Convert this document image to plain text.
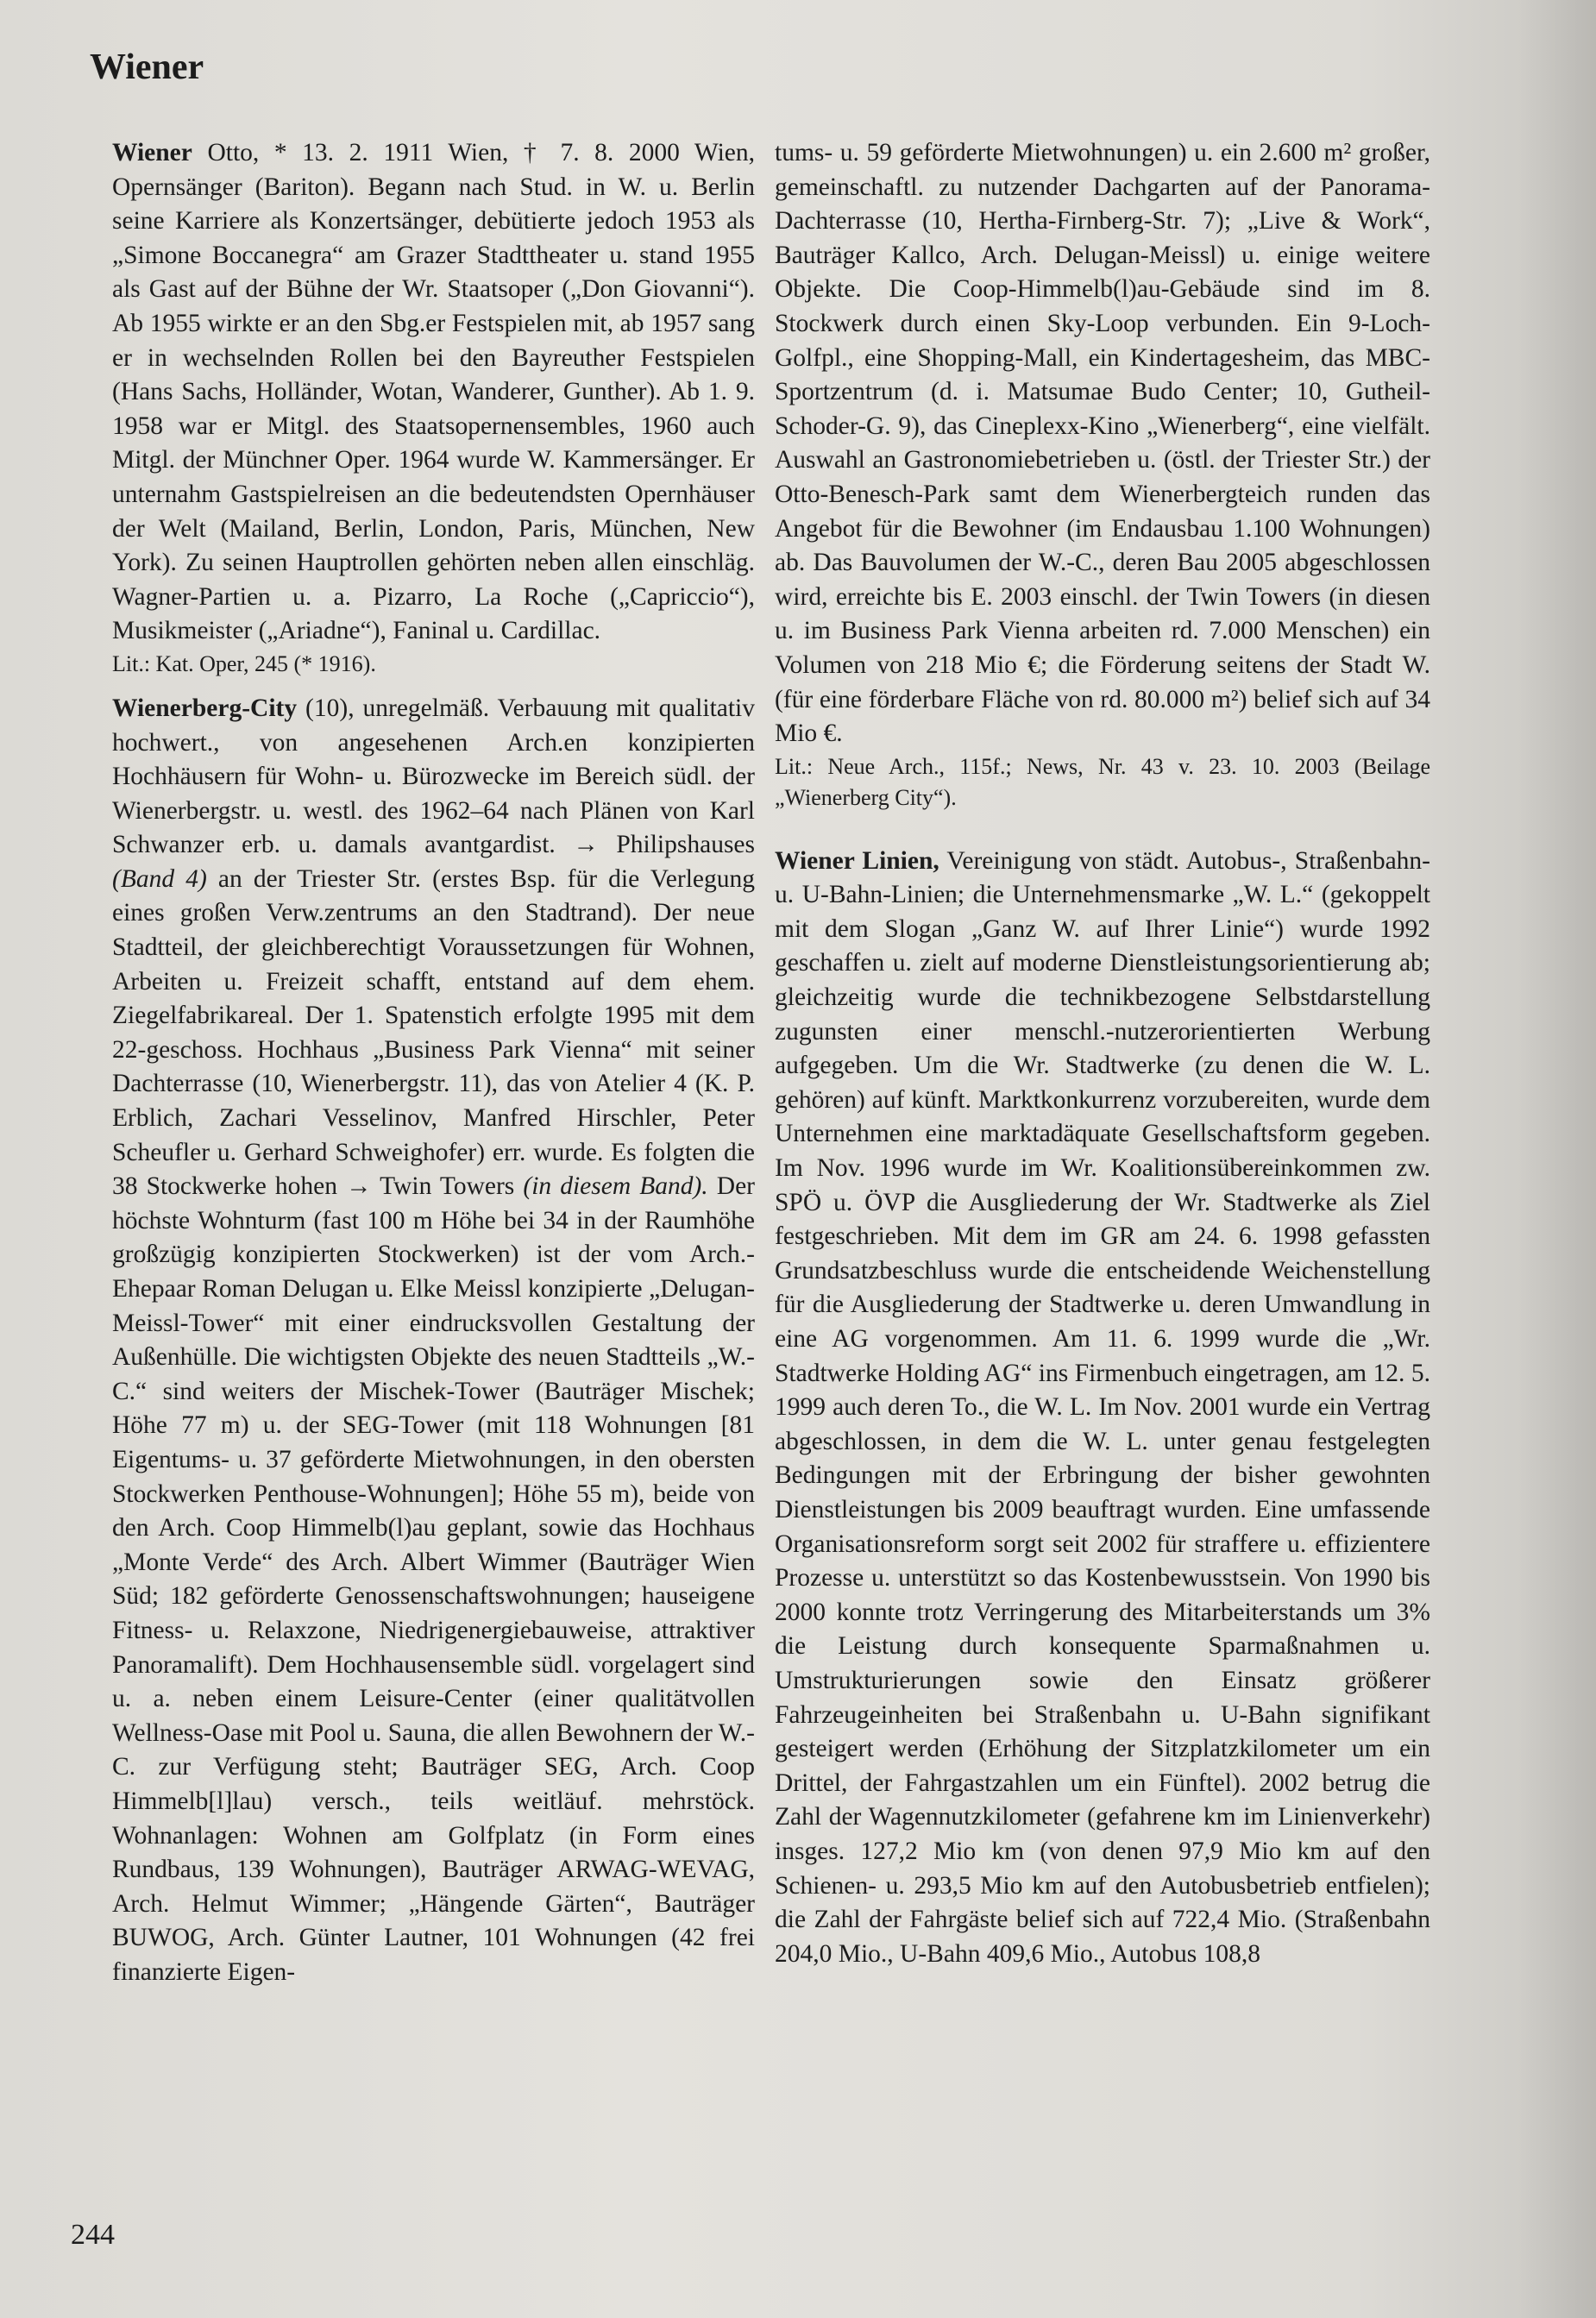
Wiener

Wiener Otto, * 13. 2. 1911 Wien, † 7. 8. 2000 Wien, Opernsänger (Bariton). Begann nach Stud. in W. u. Berlin seine Karriere als Konzertsänger, debütierte jedoch 1953 als „Simone Boccanegra“ am Grazer Stadttheater u. stand 1955 als Gast auf der Bühne der Wr. Staatsoper („Don Giovanni“). Ab 1955 wirkte er an den Sbg.er Festspielen mit, ab 1957 sang er in wechselnden Rollen bei den Bayreuther Festspielen (Hans Sachs, Holländer, Wotan, Wanderer, Gunther). Ab 1. 9. 1958 war er Mitgl. des Staatsopernensembles, 1960 auch Mitgl. der Münchner Oper. 1964 wurde W. Kammersänger. Er unternahm Gastspielreisen an die bedeutendsten Opernhäuser der Welt (Mailand, Berlin, London, Paris, München, New York). Zu seinen Hauptrollen gehörten neben allen einschläg. Wagner-Partien u. a. Pizarro, La Roche („Capriccio“), Musikmeister („Ariadne“), Faninal u. Cardillac.

Lit.: Kat. Oper, 245 (* 1916).

Wienerberg-City (10), unregelmäß. Verbauung mit qualitativ hochwert., von angesehenen Arch.en konzipierten Hochhäusern für Wohn- u. Bürozwecke im Bereich südl. der Wienerbergstr. u. westl. des 1962–64 nach Plänen von Karl Schwanzer erb. u. damals avantgardist. → Philipshauses (Band 4) an der Triester Str. (erstes Bsp. für die Verlegung eines großen Verw.zentrums an den Stadtrand). Der neue Stadtteil, der gleichberechtigt Voraussetzungen für Wohnen, Arbeiten u. Freizeit schafft, entstand auf dem ehem. Ziegelfabrikareal. Der 1. Spatenstich erfolgte 1995 mit dem 22-geschoss. Hochhaus „Business Park Vienna“ mit seiner Dachterrasse (10, Wienerbergstr. 11), das von Atelier 4 (K. P. Erblich, Zachari Vesselinov, Manfred Hirschler, Peter Scheufler u. Gerhard Schweighofer) err. wurde. Es folgten die 38 Stockwerke hohen → Twin Towers (in diesem Band). Der höchste Wohnturm (fast 100 m Höhe bei 34 in der Raumhöhe großzügig konzipierten Stockwerken) ist der vom Arch.-Ehepaar Roman Delugan u. Elke Meissl konzipierte „Delugan-Meissl-Tower“ mit einer eindrucksvollen Gestaltung der Außenhülle. Die wichtigsten Objekte des neuen Stadtteils „W.-C.“ sind weiters der Mischek-Tower (Bauträger Mischek; Höhe 77 m) u. der SEG-Tower (mit 118 Wohnungen [81 Eigentums- u. 37 geförderte Mietwohnungen, in den obersten Stockwerken Penthouse-Wohnungen]; Höhe 55 m), beide von den Arch. Coop Himmelb(l)au geplant, sowie das Hochhaus „Monte Verde“ des Arch. Albert Wimmer (Bauträger Wien Süd; 182 geförderte Genossenschaftswohnungen; hauseigene Fitness- u. Relaxzone, Niedrigenergiebauweise, attraktiver Panoramalift). Dem Hochhausensemble südl. vorgelagert sind u. a. neben einem Leisure-Center (einer qualitätvollen Wellness-Oase mit Pool u. Sauna, die allen Bewohnern der W.-C. zur Verfügung steht; Bauträger SEG, Arch. Coop Himmelb[l]lau) versch., teils weitläuf. mehrstöck. Wohnanlagen: Wohnen am Golfplatz (in Form eines Rundbaus, 139 Wohnungen), Bauträger ARWAG-WEVAG, Arch. Helmut Wimmer; „Hängende Gärten“, Bauträger BUWOG, Arch. Günter Lautner, 101 Wohnungen (42 frei finanzierte Eigen-

tums- u. 59 geförderte Mietwohnungen) u. ein 2.600 m² großer, gemeinschaftl. zu nutzender Dachgarten auf der Panorama-Dachterrasse (10, Hertha-Firnberg-Str. 7); „Live & Work“, Bauträger Kallco, Arch. Delugan-Meissl) u. einige weitere Objekte. Die Coop-Himmelb(l)au-Gebäude sind im 8. Stockwerk durch einen Sky-Loop verbunden. Ein 9-Loch-Golfpl., eine Shopping-Mall, ein Kindertagesheim, das MBC-Sportzentrum (d. i. Matsumae Budo Center; 10, Gutheil-Schoder-G. 9), das Cineplexx-Kino „Wienerberg“, eine vielfält. Auswahl an Gastronomiebetrieben u. (östl. der Triester Str.) der Otto-Benesch-Park samt dem Wienerbergteich runden das Angebot für die Bewohner (im Endausbau 1.100 Wohnungen) ab. Das Bauvolumen der W.-C., deren Bau 2005 abgeschlossen wird, erreichte bis E. 2003 einschl. der Twin Towers (in diesen u. im Business Park Vienna arbeiten rd. 7.000 Menschen) ein Volumen von 218 Mio €; die Förderung seitens der Stadt W. (für eine förderbare Fläche von rd. 80.000 m²) belief sich auf 34 Mio €.

Lit.: Neue Arch., 115f.; News, Nr. 43 v. 23. 10. 2003 (Beilage „Wienerberg City“).

Wiener Linien, Vereinigung von städt. Autobus-, Straßenbahn- u. U-Bahn-Linien; die Unternehmensmarke „W. L.“ (gekoppelt mit dem Slogan „Ganz W. auf Ihrer Linie“) wurde 1992 geschaffen u. zielt auf moderne Dienstleistungsorientierung ab; gleichzeitig wurde die technikbezogene Selbstdarstellung zugunsten einer menschl.-nutzerorientierten Werbung aufgegeben. Um die Wr. Stadtwerke (zu denen die W. L. gehören) auf künft. Marktkonkurrenz vorzubereiten, wurde dem Unternehmen eine marktadäquate Gesellschaftsform gegeben. Im Nov. 1996 wurde im Wr. Koalitionsübereinkommen zw. SPÖ u. ÖVP die Ausgliederung der Wr. Stadtwerke als Ziel festgeschrieben. Mit dem im GR am 24. 6. 1998 gefassten Grundsatzbeschluss wurde die entscheidende Weichenstellung für die Ausgliederung der Stadtwerke u. deren Umwandlung in eine AG vorgenommen. Am 11. 6. 1999 wurde die „Wr. Stadtwerke Holding AG“ ins Firmenbuch eingetragen, am 12. 5. 1999 auch deren To., die W. L. Im Nov. 2001 wurde ein Vertrag abgeschlossen, in dem die W. L. unter genau festgelegten Bedingungen mit der Erbringung der bisher gewohnten Dienstleistungen bis 2009 beauftragt wurden. Eine umfassende Organisationsreform sorgt seit 2002 für straffere u. effizientere Prozesse u. unterstützt so das Kostenbewusstsein. Von 1990 bis 2000 konnte trotz Verringerung des Mitarbeiterstands um 3% die Leistung durch konsequente Sparmaßnahmen u. Umstrukturierungen sowie den Einsatz größerer Fahrzeugeinheiten bei Straßenbahn u. U-Bahn signifikant gesteigert werden (Erhöhung der Sitzplatzkilometer um ein Drittel, der Fahrgastzahlen um ein Fünftel). 2002 betrug die Zahl der Wagennutzkilometer (gefahrene km im Linienverkehr) insges. 127,2 Mio km (von denen 97,9 Mio km auf den Schienen- u. 293,5 Mio km auf den Autobusbetrieb entfielen); die Zahl der Fahrgäste belief sich auf 722,4 Mio. (Straßenbahn 204,0 Mio., U-Bahn 409,6 Mio., Autobus 108,8

244
